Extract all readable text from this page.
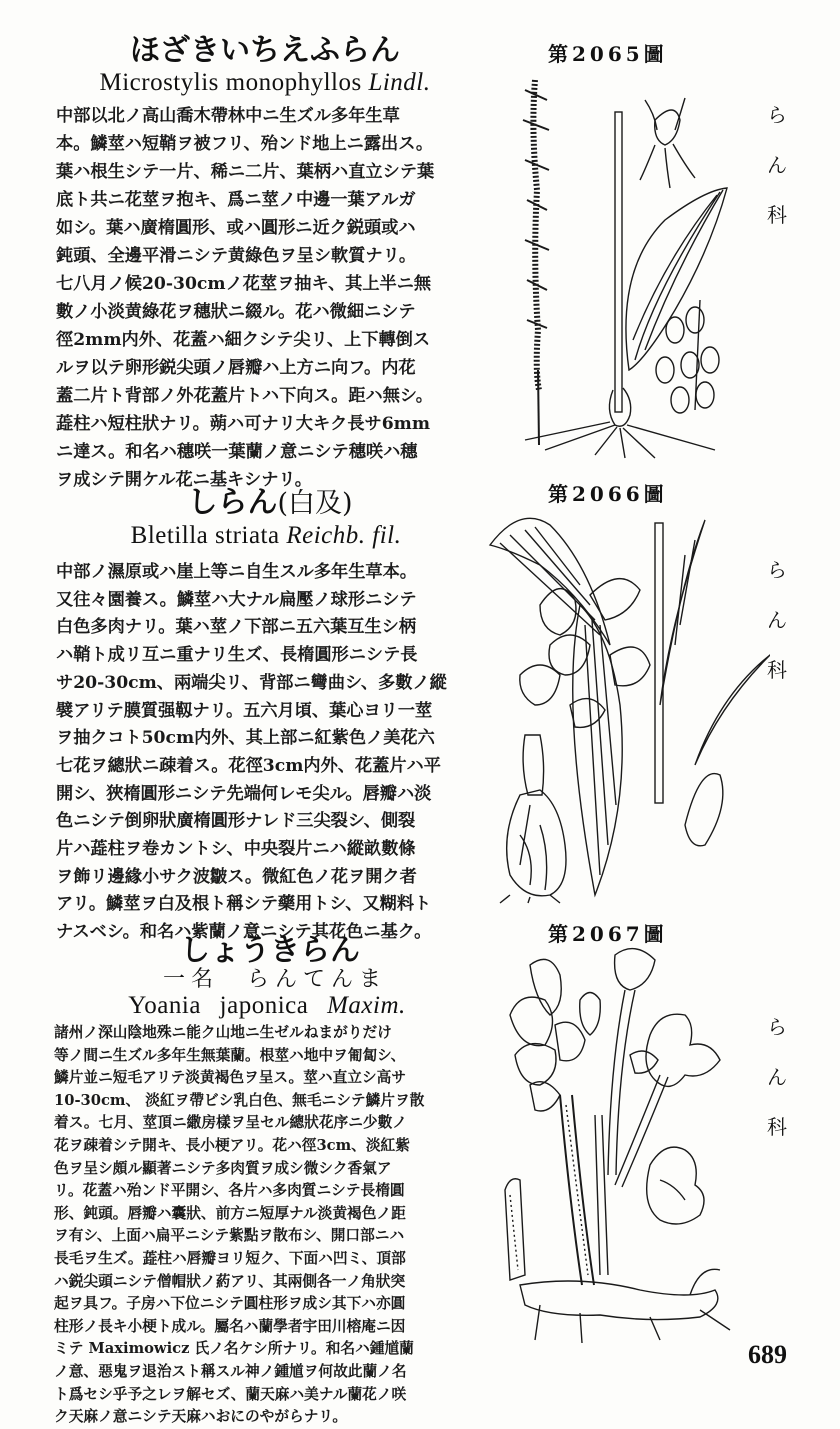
ほざきいちえふらん
Microstylis monophyllos Lindl.

中部以北ノ高山喬木帶林中ニ生ズル多年生草

本。鱗莖ハ短鞘ヲ被フリ、殆ンド地上ニ露出ス。

葉ハ根生シテ一片、稀ニ二片、葉柄ハ直立シテ葉

底ト共ニ花莖ヲ抱キ、爲ニ莖ノ中邊一葉アルガ

如シ。葉ハ廣楕圓形、或ハ圓形ニ近ク鋭頭或ハ

鈍頭、全邊平滑ニシテ黄綠色ヲ呈シ軟質ナリ。

七八月ノ候20-30cmノ花莖ヲ抽キ、其上半ニ無

數ノ小淡黄綠花ヲ穗狀ニ綴ル。花ハ微細ニシテ

徑2mm内外、花蓋ハ細クシテ尖リ、上下轉倒ス

ルヲ以テ卵形鋭尖頭ノ唇瓣ハ上方ニ向フ。内花

蓋二片ト背部ノ外花蓋片トハ下向ス。距ハ無シ。

蕋柱ハ短柱狀ナリ。蒴ハ可ナリ大キク長サ6mm

ニ達ス。和名ハ穗咲一葉蘭ノ意ニシテ穗咲ハ穗

ヲ成シテ開ケル花ニ基キシナリ。

第2065圖
ら
ん
科
しらん(白及)
Bletilla striata Reichb. fil.

中部ノ濕原或ハ崖上等ニ自生スル多年生草本。

又往々園養ス。鱗莖ハ大ナル扁壓ノ球形ニシテ

白色多肉ナリ。葉ハ莖ノ下部ニ五六葉互生シ柄

ハ鞘ト成リ互ニ重ナリ生ズ、長楕圓形ニシテ長

サ20-30cm、兩端尖リ、背部ニ彎曲シ、多數ノ縱

襞アリテ膜質强靱ナリ。五六月頃、葉心ヨリ一莖

ヲ抽クコト50cm内外、其上部ニ紅紫色ノ美花六

七花ヲ總狀ニ疎着ス。花徑3cm内外、花蓋片ハ平

開シ、狹楕圓形ニシテ先端何レモ尖ル。唇瓣ハ淡

色ニシテ倒卵狀廣楕圓形ナレド三尖裂シ、側裂

片ハ蕋柱ヲ卷カントシ、中央裂片ニハ縱畝數條

ヲ飾リ邊緣小サク波皺ス。微紅色ノ花ヲ開ク者

アリ。鱗莖ヲ白及根ト稱シテ藥用トシ、又糊料ト

ナスベシ。和名ハ紫蘭ノ意ニシテ其花色ニ基ク。

第2066圖
ら
ん
科
しょうきらん
一名　らんてんま
Yoania japonica Maxim.

諸州ノ深山陰地殊ニ能ク山地ニ生ゼルねまがりだけ

等ノ間ニ生ズル多年生無葉蘭。根莖ハ地中ヲ匍匐シ、

鱗片並ニ短毛アリテ淡黄褐色ヲ呈ス。莖ハ直立シ高サ

10-30cm、 淡紅ヲ帶ビシ乳白色、無毛ニシテ鱗片ヲ散

着ス。七月、莖頂ニ繖房樣ヲ呈セル總狀花序ニ少數ノ

花ヲ疎着シテ開キ、長小梗アリ。花ハ徑3cm、淡紅紫

色ヲ呈シ頗ル顯著ニシテ多肉質ヲ成シ微シク香氣ア

リ。花蓋ハ殆ンド平開シ、各片ハ多肉質ニシテ長楕圓

形、鈍頭。唇瓣ハ囊狀、前方ニ短厚ナル淡黄褐色ノ距

ヲ有シ、上面ハ扁平ニシテ紫點ヲ散布シ、開口部ニハ

長毛ヲ生ズ。蕋柱ハ唇瓣ヨリ短ク、下面ハ凹ミ、頂部

ハ鋭尖頭ニシテ僧帽狀ノ葯アリ、其兩側各一ノ角狀突

起ヲ具フ。子房ハ下位ニシテ圓柱形ヲ成シ其下ハ亦圓

柱形ノ長キ小梗ト成ル。屬名ハ蘭學者宇田川榕庵ニ因

ミテ Maximowicz 氏ノ名ケシ所ナリ。和名ハ鍾馗蘭

ノ意、惡鬼ヲ退治スト稱スル神ノ鍾馗ヲ何故此蘭ノ名

ト爲セシ乎予之レヲ解セズ、蘭天麻ハ美ナル蘭花ノ咲

ク天麻ノ意ニシテ天麻ハおにのやがらナリ。

第2067圖
ら
ん
科
689
